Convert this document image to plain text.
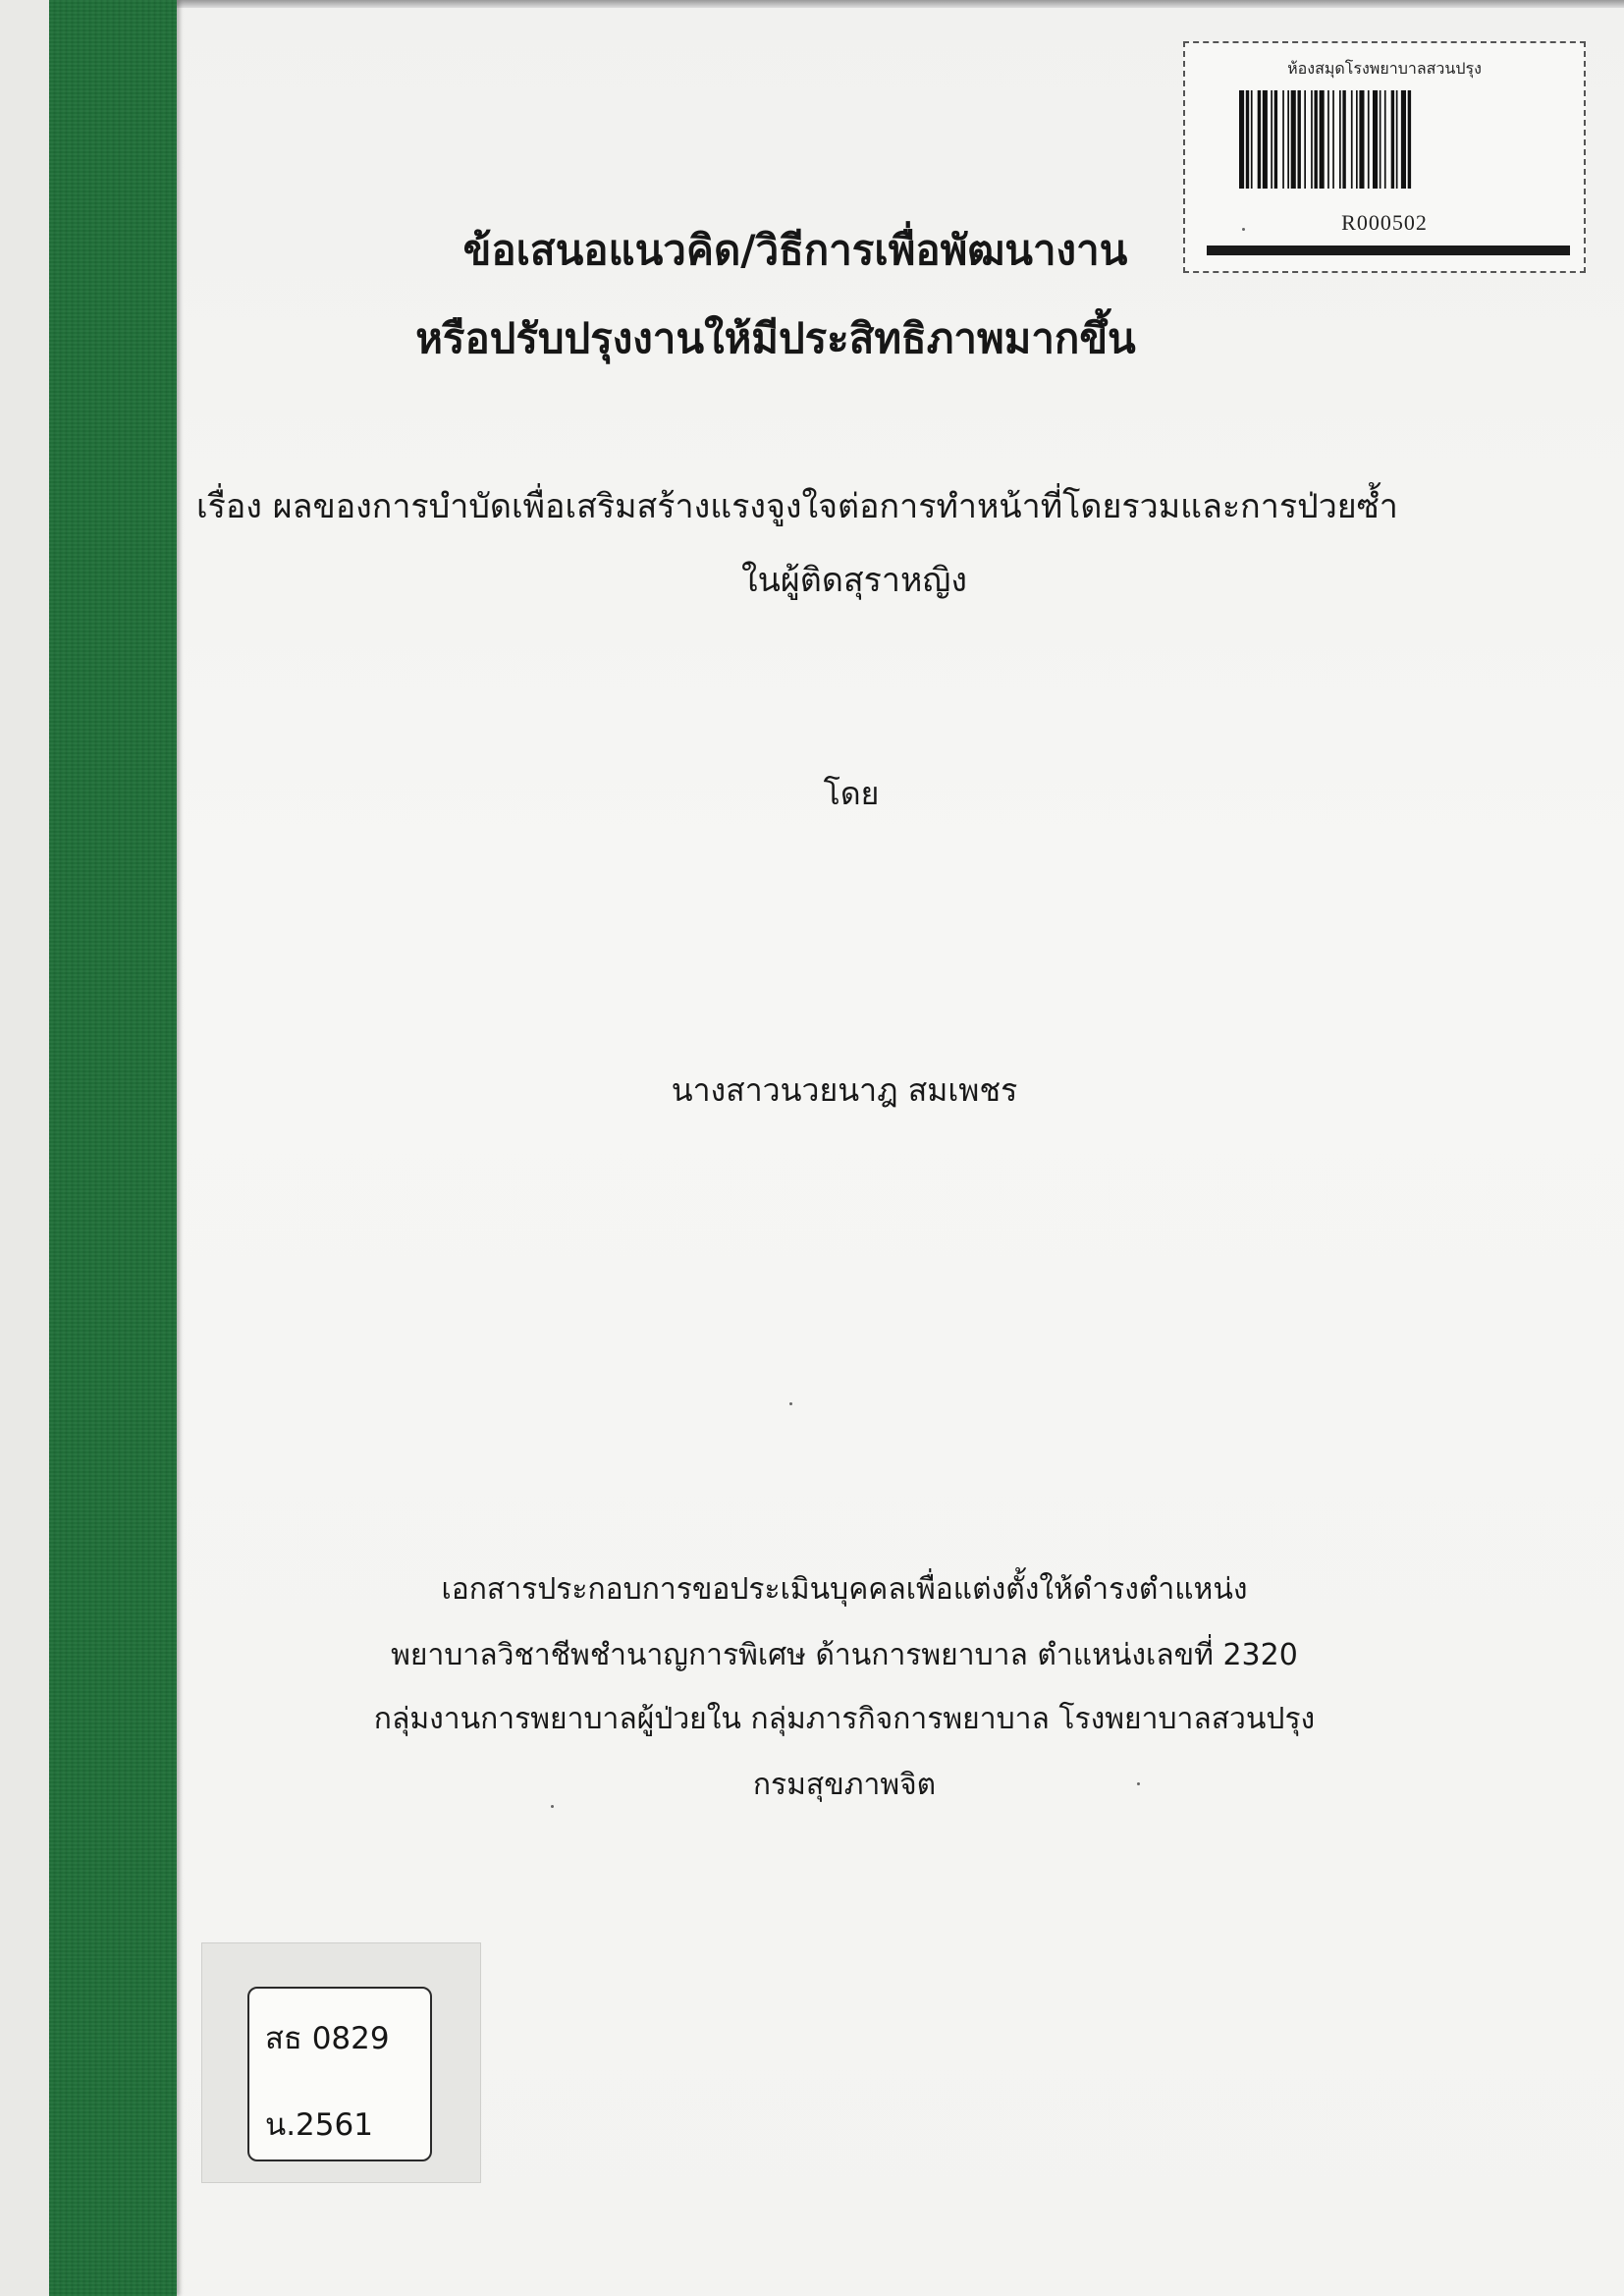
ห้องสมุดโรงพยาบาลสวนปรุง
R000502
ข้อเสนอแนวคิด/วิธีการเพื่อพัฒนางาน
หรือปรับปรุงงานให้มีประสิทธิภาพมากขึ้น
เรื่อง ผลของการบำบัดเพื่อเสริมสร้างแรงจูงใจต่อการทำหน้าที่โดยรวมและการป่วยซ้ำ
ในผู้ติดสุราหญิง
โดย
นางสาวนวยนาฎ สมเพชร
เอกสารประกอบการขอประเมินบุคคลเพื่อแต่งตั้งให้ดำรงตำแหน่ง
พยาบาลวิชาชีพชำนาญการพิเศษ ด้านการพยาบาล ตำแหน่งเลขที่ 2320
กลุ่มงานการพยาบาลผู้ป่วยใน กลุ่มภารกิจการพยาบาล โรงพยาบาลสวนปรุง
กรมสุขภาพจิต
สธ 0829
น.2561
